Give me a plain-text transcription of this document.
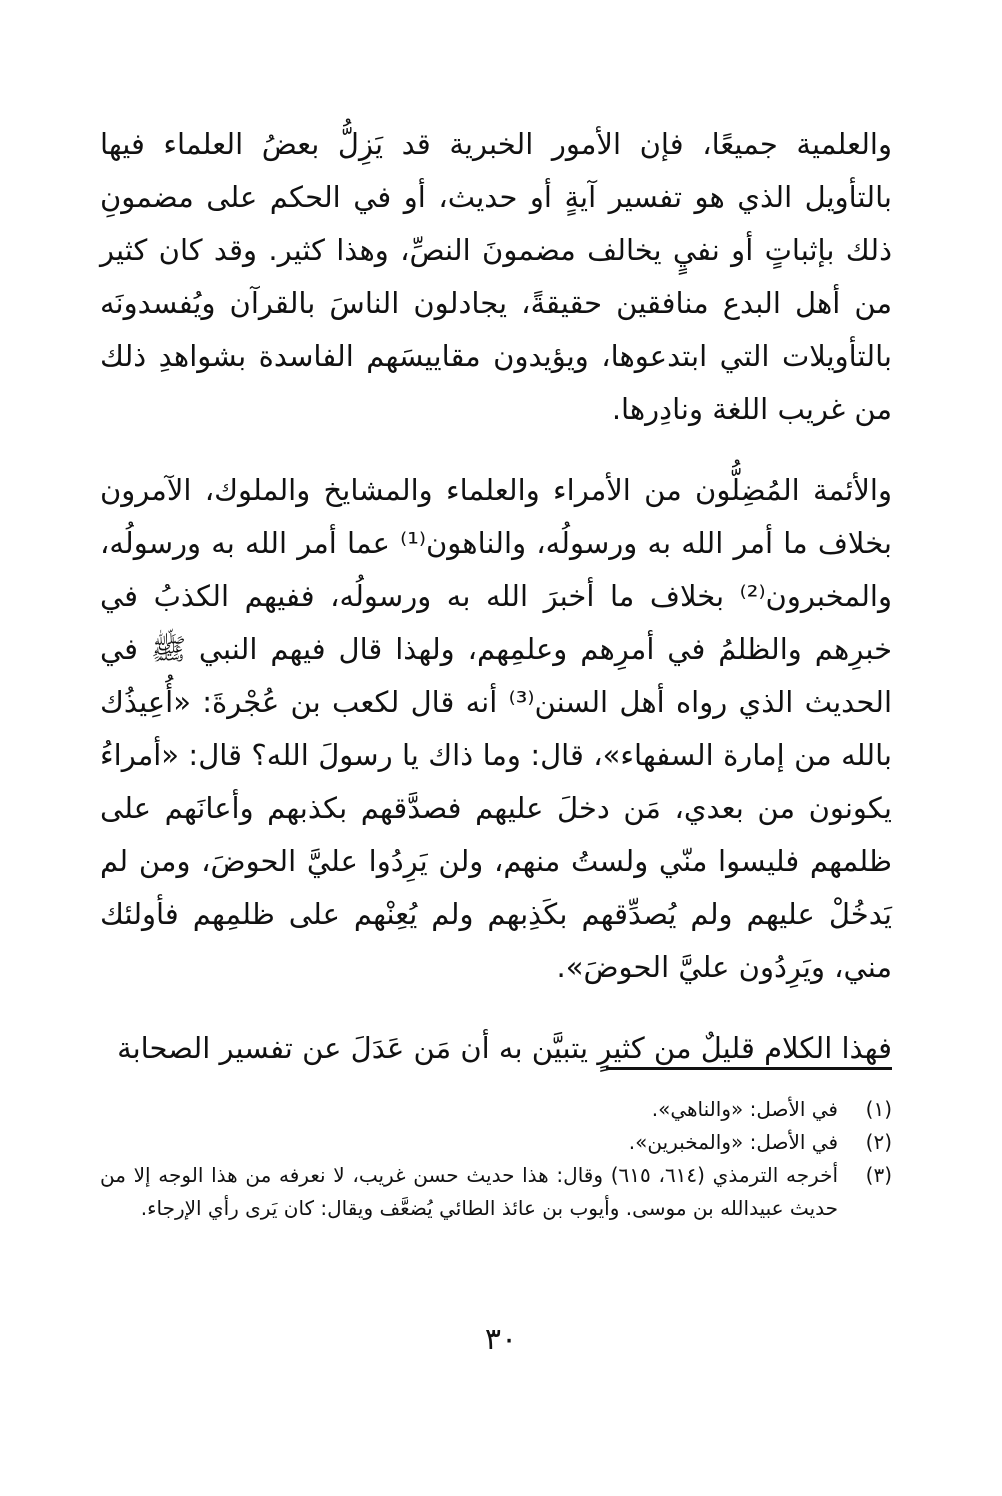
والعلمية جميعًا، فإن الأمور الخبرية قد يَزِلُّ بعضُ العلماء فيها بالتأويل الذي هو تفسير آيةٍ أو حديث، أو في الحكم على مضمونِ ذلك بإثباتٍ أو نفيٍ يخالف مضمونَ النصِّ، وهذا كثير. وقد كان كثير من أهل البدع منافقين حقيقةً، يجادلون الناسَ بالقرآن ويُفسدونَه بالتأويلات التي ابتدعوها، ويؤيدون مقاييسَهم الفاسدة بشواهدِ ذلك من غريب اللغة ونادِرها.

والأئمة المُضِلُّون من الأمراء والعلماء والمشايخ والملوك، الآمرون بخلاف ما أمر الله به ورسولُه، والناهون⁽¹⁾ عما أمر الله به ورسولُه، والمخبرون⁽²⁾ بخلاف ما أخبرَ الله به ورسولُه، ففيهم الكذبُ في خبرِهم والظلمُ في أمرِهم وعلمِهم، ولهذا قال فيهم النبي ﷺ في الحديث الذي رواه أهل السنن⁽³⁾ أنه قال لكعب بن عُجْرةَ: «أُعِيذُك بالله من إمارة السفهاء»، قال: وما ذاك يا رسولَ الله؟ قال: «أمراءُ يكونون من بعدي، مَن دخلَ عليهم فصدَّقهم بكذبهم وأعانَهم على ظلمهم فليسوا منّي ولستُ منهم، ولن يَرِدُوا عليَّ الحوضَ، ومن لم يَدخُلْ عليهم ولم يُصدِّقهم بكَذِبهم ولم يُعِنْهم على ظلمِهم فأولئك مني، ويَرِدُون عليَّ الحوضَ».

فهذا الكلام قليلٌ من كثيرٍ يتبيَّن به أن مَن عَدَلَ عن تفسير الصحابة

(١)
في الأصل: «والناهي».
(٢)
في الأصل: «والمخبرين».
(٣)
أخرجه الترمذي (٦١٤، ٦١٥) وقال: هذا حديث حسن غريب، لا نعرفه من هذا الوجه إلا من حديث عبيدالله بن موسى. وأيوب بن عائذ الطائي يُضعَّف ويقال: كان يَرى رأي الإرجاء.
٣٠
